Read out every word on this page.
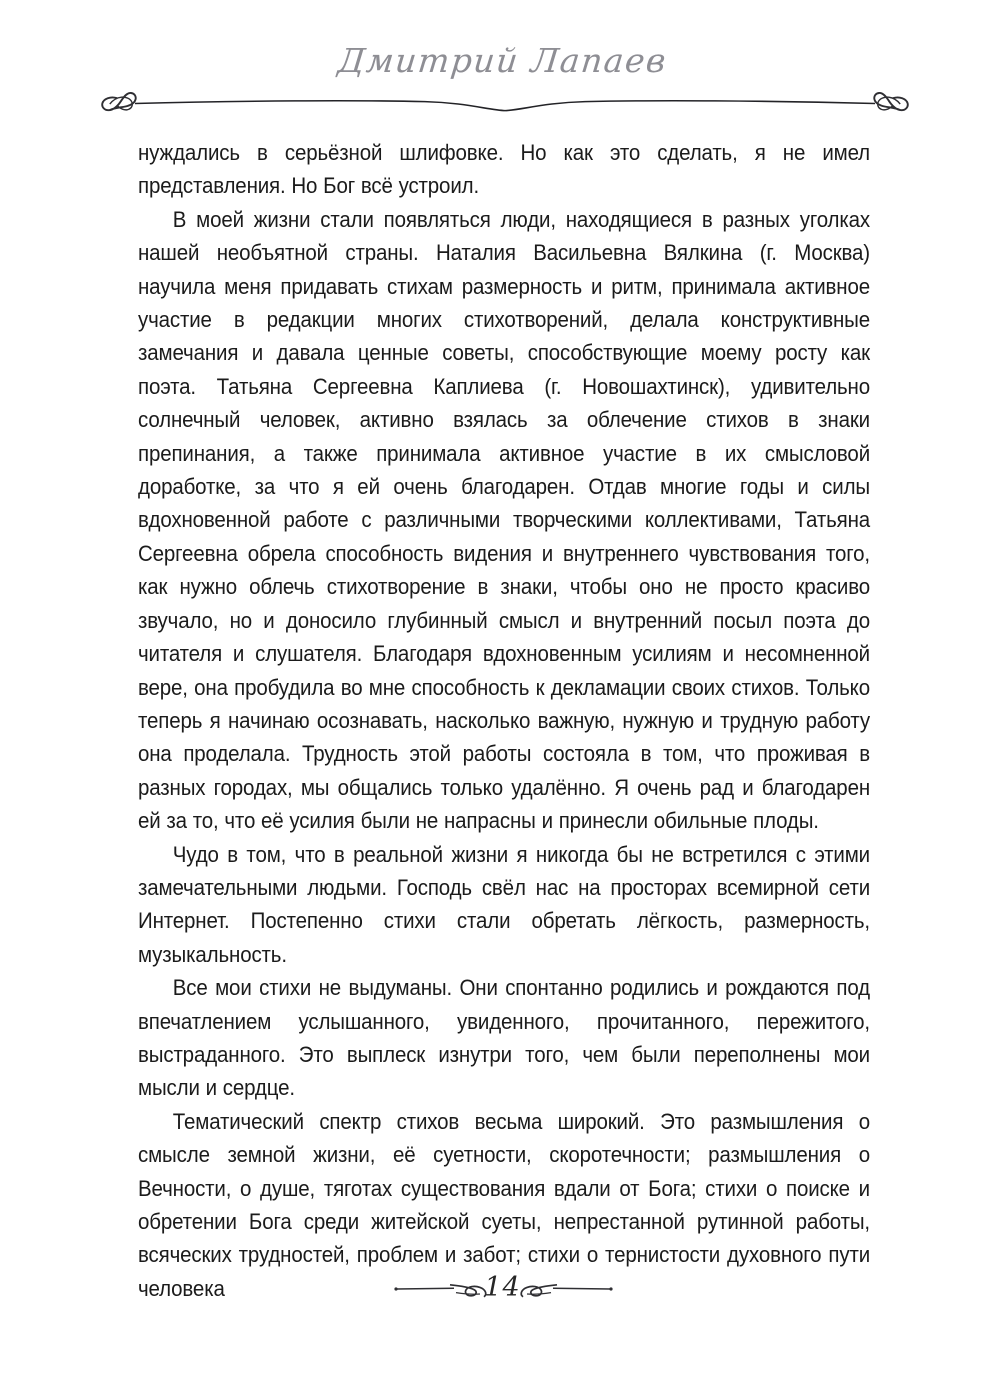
Дмитрий Лапаев

нуждались в серьёзной шлифовке. Но как это сделать, я не имел представления. Но Бог всё устроил.

В моей жизни стали появляться люди, находящиеся в разных уголках нашей необъятной страны. Наталия Васильевна Вялкина (г. Москва) научила меня придавать стихам размерность и ритм, принимала активное участие в редакции многих стихотворений, делала конструктивные замечания и давала ценные советы, способствующие моему росту как поэта. Татьяна Сергеевна Каплиева (г. Новошахтинск), удивительно солнечный человек, активно взялась за облечение стихов в знаки препинания, а также принимала активное участие в их смысловой доработке, за что я ей очень благодарен. Отдав многие годы и силы вдохновенной работе с различными творческими коллективами, Татьяна Сергеевна обрела способность видения и внутреннего чувствования того, как нужно облечь стихотворение в знаки, чтобы оно не просто красиво звучало, но и доносило глубинный смысл и внутренний посыл поэта до читателя и слушателя. Благодаря вдохновенным усилиям и несомненной вере, она пробудила во мне способность к декламации своих стихов. Только теперь я начинаю осознавать, насколько важную, нужную и трудную работу она проделала. Трудность этой работы состояла в том, что проживая в разных городах, мы общались только удалённо. Я очень рад и благодарен ей за то, что её усилия были не напрасны и принесли обильные плоды.

Чудо в том, что в реальной жизни я никогда бы не встретился с этими замечательными людьми. Господь свёл нас на просторах всемирной сети Интернет. Постепенно стихи стали обретать лёгкость, размерность, музыкальность.

Все мои стихи не выдуманы. Они спонтанно родились и рождаются под впечатлением услышанного, увиденного, прочитанного, пережитого, выстраданного. Это выплеск изнутри того, чем были переполнены мои мысли и сердце.

Тематический спектр стихов весьма широкий. Это размышления о смысле земной жизни, её суетности, скоротечности; размышления о Вечности, о душе, тяготах существования вдали от Бога; стихи о поиске и обретении Бога среди житейской суеты, непрестанной рутинной работы, всяческих трудностей, проблем и забот; стихи о тернистости духовного пути человека	14
